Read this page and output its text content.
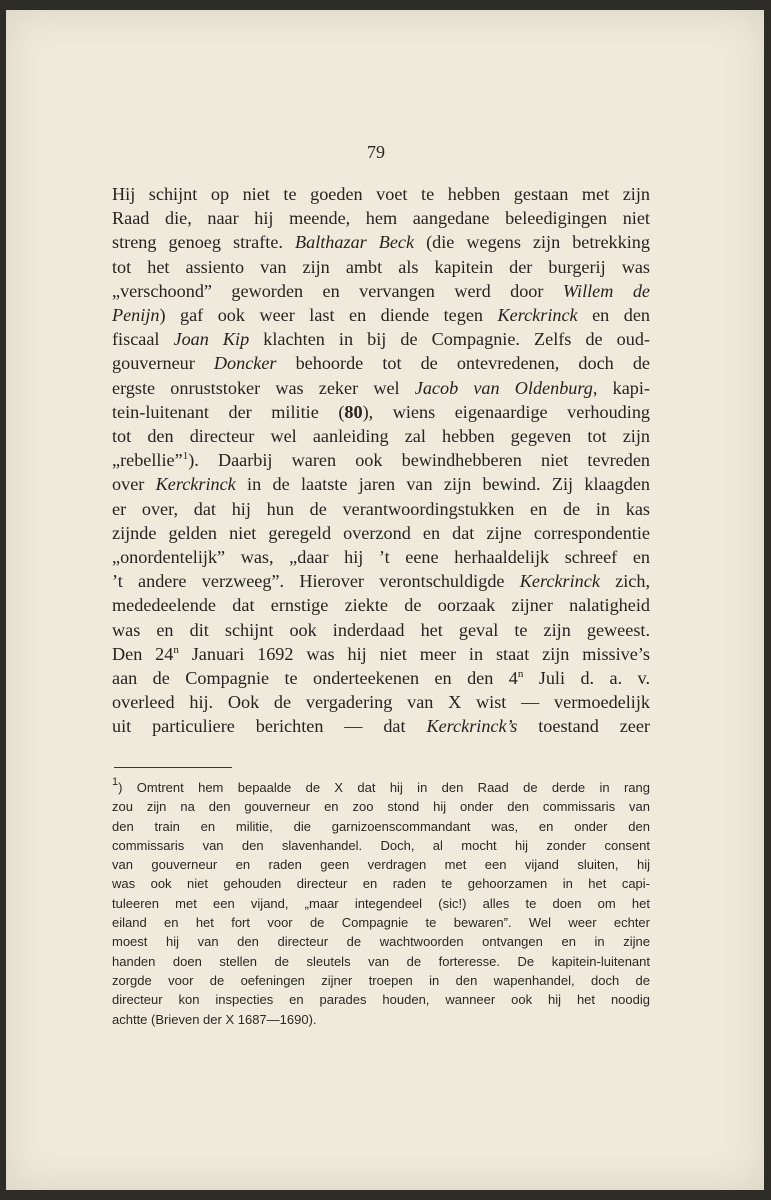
79
Hij schijnt op niet te goeden voet te hebben gestaan met zijn
Raad die, naar hij meende, hem aangedane beleedigingen niet
streng genoeg strafte. Balthazar Beck (die wegens zijn betrekking
tot het assiento van zijn ambt als kapitein der burgerij was
„verschoond” geworden en vervangen werd door Willem de
Penijn) gaf ook weer last en diende tegen Kerckrinck en den
fiscaal Joan Kip klachten in bij de Compagnie. Zelfs de oud-
gouverneur Doncker behoorde tot de ontevredenen, doch de
ergste onruststoker was zeker wel Jacob van Oldenburg, kapi-
tein-luitenant der militie (80), wiens eigenaardige verhouding
tot den directeur wel aanleiding zal hebben gegeven tot zijn
„rebellie”$^1$). Daarbij waren ook bewindhebberen niet tevreden
over Kerckrinck in de laatste jaren van zijn bewind. Zij klaagden
er over, dat hij hun de verantwoordingstukken en de in kas
zijnde gelden niet geregeld overzond en dat zijne correspondentie
„onordentelijk” was, „daar hij ’t eene herhaaldelijk schreef en
’t andere verzweeg”. Hierover verontschuldigde Kerckrinck zich,
mededeelende dat ernstige ziekte de oorzaak zijner nalatigheid
was en dit schijnt ook inderdaad het geval te zijn geweest.
Den 24$^n$ Januari 1692 was hij niet meer in staat zijn missive’s
aan de Compagnie te onderteekenen en den 4$^n$ Juli d. a. v.
overleed hij. Ook de vergadering van X wist — vermoedelijk
uit particuliere berichten — dat Kerckrinck’s toestand zeer
$^1$) Omtrent hem bepaalde de X dat hij in den Raad de derde in rang
zou zijn na den gouverneur en zoo stond hij onder den commissaris van
den train en militie, die garnizoenscommandant was, en onder den
commissaris van den slavenhandel. Doch, al mocht hij zonder consent
van gouverneur en raden geen verdragen met een vijand sluiten, hij
was ook niet gehouden directeur en raden te gehoorzamen in het capi-
tuleeren met een vijand, „maar integendeel (sic!) alles te doen om het
eiland en het fort voor de Compagnie te bewaren”. Wel weer echter
moest hij van den directeur de wachtwoorden ontvangen en in zijne
handen doen stellen de sleutels van de forteresse. De kapitein-luitenant
zorgde voor de oefeningen zijner troepen in den wapenhandel, doch de
directeur kon inspecties en parades houden, wanneer ook hij het noodig
achtte (Brieven der X 1687—1690).
